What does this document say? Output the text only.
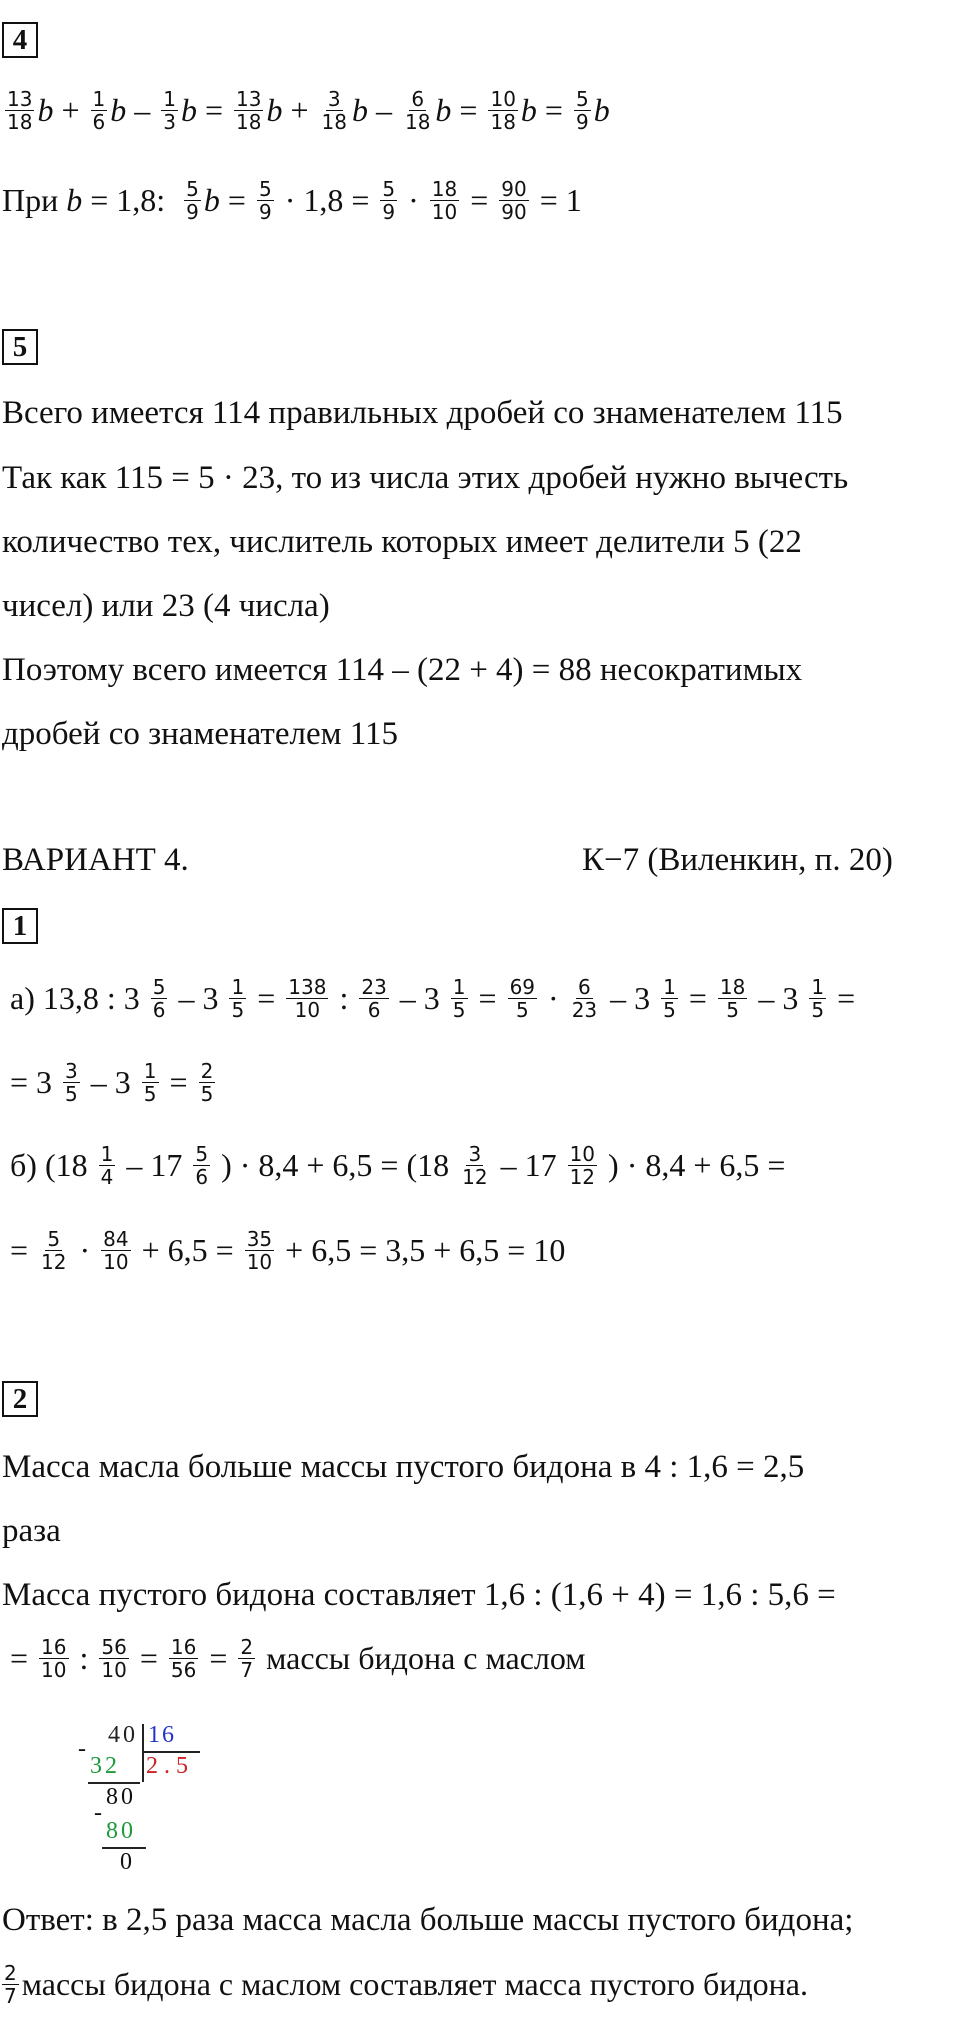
4
$\frac{13}{18}$ $b + \frac{1}{6}$ b – $\frac{1}{3}$ $b = \frac{13}{18}$ $b + \frac{3}{18}$ b – $\frac{6}{18}$ $b = \frac{10}{18}$ $b = \frac{5}{9}$ b
При b = 1,8: $\frac{5}{9}$ $b = \frac{5}{9} \cdot 1,8 = \frac{5}{9} \cdot \frac{18}{10} = \frac{90}{90} = 1$
5
Всего имеется 114 правильных дробей со знаменателем 115
Так как 115 = 5 · 23, то из числа этих дробей нужно вычесть
количество тех, числитель которых имеет делители 5 (22
чисел) или 23 (4 числа)
Поэтому всего имеется 114 – (22 + 4) = 88 несократимых
дробей со знаменателем 115
ВАРИАНТ 4.	К−7 (Виленкин, п. 20)
1
а) 13,8 : $3 \frac{5}{6} - 3 \frac{1}{5} = \frac{138}{10}$ : $\frac{23}{6} - 3 \frac{1}{5} = \frac{69}{5} \cdot \frac{6}{23} - 3 \frac{1}{5} = \frac{18}{5} - 3 \frac{1}{5}$ =
= $3 \frac{3}{5} - 3 \frac{1}{5} = \frac{2}{5}$
б) ($18 \frac{1}{4} - 17 \frac{5}{6}$ ) · $8,4 + 6,5 = (18 \frac{3}{12} - 17 \frac{10}{12}$ ) · 8,4 + 6,5 =
= $\frac{5}{12} \cdot \frac{84}{10} + 6,5 = \frac{35}{10} + 6,5 = 3,5 + 6,5 = 10$
2
Масса масла больше массы пустого бидона в 4 : 1,6 = 2,5
раза
Масса пустого бидона составляет 1,6 : (1,6 + 4) = 1,6 : 5,6 =
= $\frac{16}{10}$ : $\frac{56}{10} = \frac{16}{56} = \frac{2}{7}$ массы бидона с маслом
40 16
-
32 2 . 5
80
-
80
0
Ответ: в 2,5 раза масса масла больше массы пустого бидона;
$\frac{2}{7}$ массы бидона с маслом составляет масса пустого бидона.
